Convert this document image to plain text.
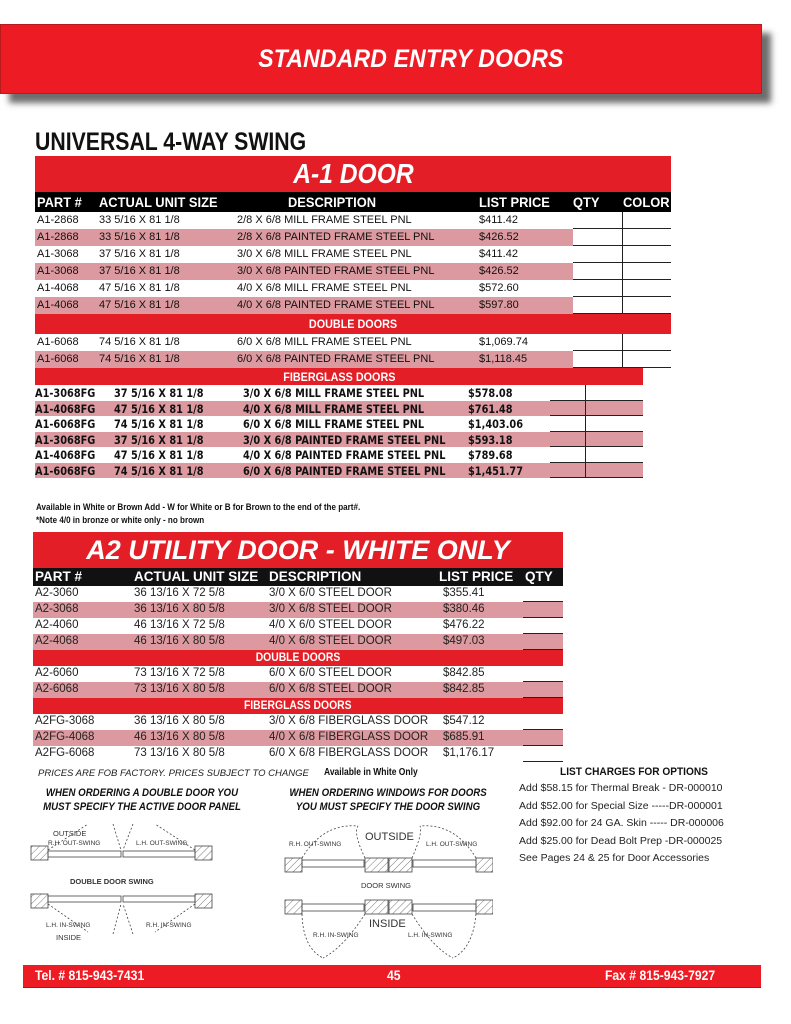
STANDARD ENTRY DOORS
UNIVERSAL 4-WAY SWING
A-1 DOOR
PART # ACTUAL UNIT SIZE	DESCRIPTION	LIST PRICE QTY COLOR
A1-2868 33 5/16 X 81 1/8	2/8 X 6/8 MILL FRAME STEEL PNL	$411.42
A1-2868 33 5/16 X 81 1/8	2/8 X 6/8 PAINTED FRAME STEEL PNL	$426.52
A1-3068 37 5/16 X 81 1/8	3/0 X 6/8 MILL FRAME STEEL PNL	$411.42
A1-3068 37 5/16 X 81 1/8	3/0 X 6/8 PAINTED FRAME STEEL PNL	$426.52
A1-4068 47 5/16 X 81 1/8	4/0 X 6/8 MILL FRAME STEEL PNL	$572.60
A1-4068 47 5/16 X 81 1/8	4/0 X 6/8 PAINTED FRAME STEEL PNL	$597.80
DOUBLE DOORS
A1-6068 74 5/16 X 81 1/8	6/0 X 6/8 MILL FRAME STEEL PNL	$1,069.74
A1-6068 74 5/16 X 81 1/8	6/0 X 6/8 PAINTED FRAME STEEL PNL	$1,118.45
FIBERGLASS DOORS
A1-3068FG 37 5/16 X 81 1/8	3/0 X 6/8 MILL FRAME STEEL PNL	$578.08
A1-4068FG 47 5/16 X 81 1/8	4/0 X 6/8 MILL FRAME STEEL PNL	$761.48
A1-6068FG 74 5/16 X 81 1/8	6/0 X 6/8 MILL FRAME STEEL PNL	$1,403.06
A1-3068FG 37 5/16 X 81 1/8	3/0 X 6/8 PAINTED FRAME STEEL PNL $593.18
A1-4068FG 47 5/16 X 81 1/8	4/0 X 6/8 PAINTED FRAME STEEL PNL $789.68
A1-6068FG 74 5/16 X 81 1/8	6/0 X 6/8 PAINTED FRAME STEEL PNL $1,451.77
Available in White or Brown Add - W for White or B for Brown to the end of the part#.
*Note 4/0 in bronze or white only - no brown
A2 UTILITY DOOR - WHITE ONLY
PART #	ACTUAL UNIT SIZE DESCRIPTION	LIST PRICE QTY
A2-3060	36 13/16 X 72 5/8	3/0 X 6/0 STEEL DOOR	$355.41
A2-3068	36 13/16 X 80 5/8	3/0 X 6/8 STEEL DOOR	$380.46
A2-4060	46 13/16 X 72 5/8	4/0 X 6/0 STEEL DOOR	$476.22
A2-4068	46 13/16 X 80 5/8	4/0 X 6/8 STEEL DOOR	$497.03
DOUBLE DOORS
A2-6060	73 13/16 X 72 5/8	6/0 X 6/0 STEEL DOOR	$842.85
A2-6068	73 13/16 X 80 5/8	6/0 X 6/8 STEEL DOOR	$842.85
FIBERGLASS DOORS
A2FG-3068	36 13/16 X 80 5/8	3/0 X 6/8 FIBERGLASS DOOR $547.12
A2FG-4068	46 13/16 X 80 5/8	4/0 X 6/8 FIBERGLASS DOOR $685.91
A2FG-6068	73 13/16 X 80 5/8	6/0 X 6/8 FIBERGLASS DOOR $1,176.17
PRICES ARE FOB FACTORY. PRICES SUBJECT TO CHANGE Available in White Only	LIST CHARGES FOR OPTIONS
Add $58.15 for Thermal Break - DR-000010
Add $52.00 for Special Size -----DR-000001
Add $92.00 for 24 GA. Skin ----- DR-000006
Add $25.00 for Dead Bolt Prep -DR-000025
See Pages 24 & 25 for Door Accessories
WHEN ORDERING A DOUBLE DOOR YOU
MUST SPECIFY THE ACTIVE DOOR PANEL
OUTSIDE
R.H. OUT-SWING	L.H. OUT-SWING
DOUBLE DOOR SWING
L.H. IN-SWING	R.H. IN-SWING
INSIDE
WHEN ORDERING WINDOWS FOR DOORS
YOU MUST SPECIFY THE DOOR SWING
OUTSIDE
R.H. OUT-SWING	L.H. OUT-SWING
DOOR SWING
INSIDE
R.H. IN-SWING	L.H. IN-SWING
Tel. # 815-943-7431	45	Fax # 815-943-7927
